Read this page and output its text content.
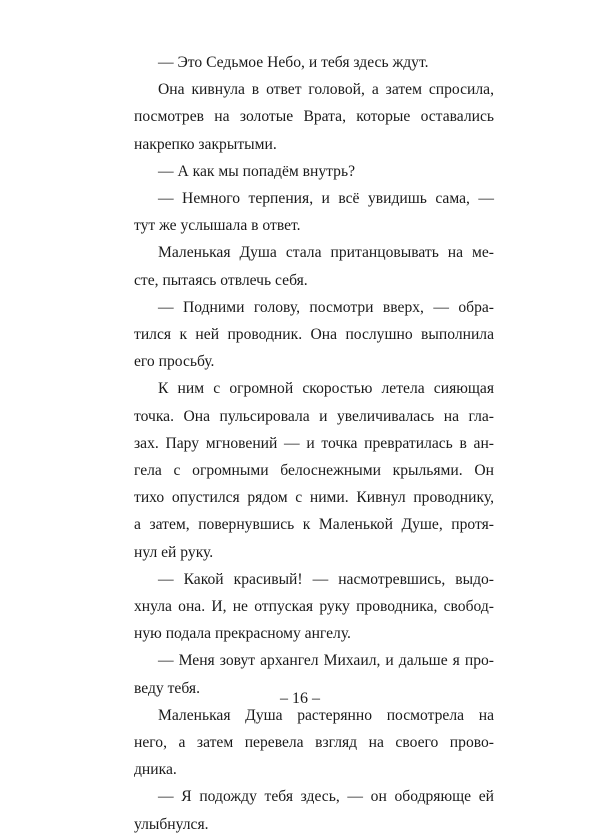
— Это Седьмое Небо, и тебя здесь ждут.

Она кивнула в ответ головой, а затем спросила,
посмотрев на золотые Врата, которые оставались
накрепко закрытыми.

— А как мы попадём внутрь?

— Немного терпения, и всё увидишь сама, —
тут же услышала в ответ.

Маленькая Душа стала пританцовывать на ме-
сте, пытаясь отвлечь себя.

— Подними голову, посмотри вверх, — обра-
тился к ней проводник. Она послушно выполнила
его просьбу.

К ним с огромной скоростью летела сияющая
точка. Она пульсировала и увеличивалась на гла-
зах. Пару мгновений — и точка превратилась в ан-
гела с огромными белоснежными крыльями. Он
тихо опустился рядом с ними. Кивнул проводнику,
а затем, повернувшись к Маленькой Душе, протя-
нул ей руку.

— Какой красивый! — насмотревшись, выдо-
хнула она. И, не отпуская руку проводника, свобод-
ную подала прекрасному ангелу.

— Меня зовут архангел Михаил, и дальше я про-
веду тебя.

Маленькая Душа растерянно посмотрела на
него, а затем перевела взгляд на своего прово-
дника.

— Я подожду тебя здесь, — он ободряюще ей
улыбнулся.

– 16 –
